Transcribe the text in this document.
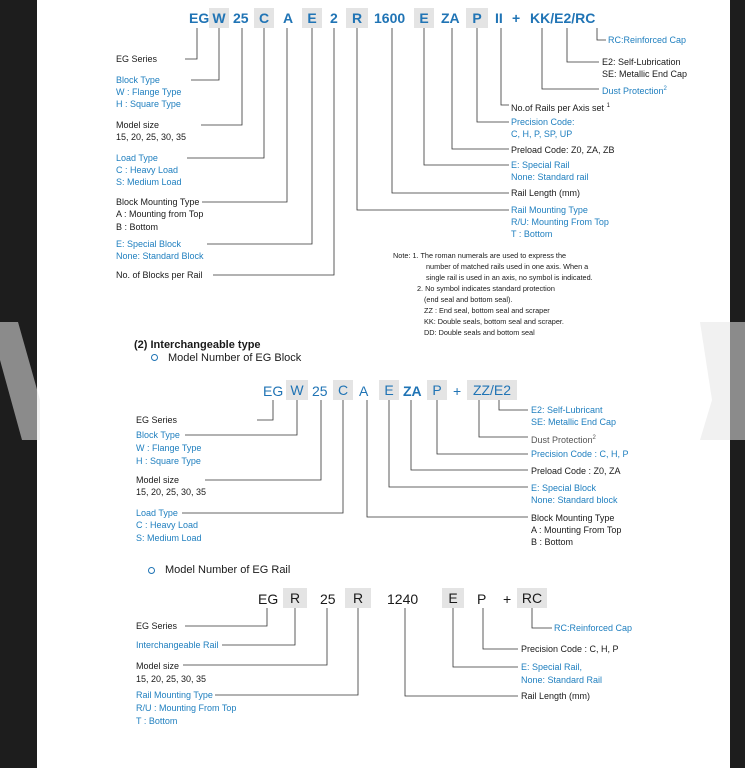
EG W 25 C A	E 2	R 1600	E ZA P II + KK/E2/RC
RC:Reinforced Cap
E2: Self-Lubrication
SE: Metallic End Cap
Dust Protection$^2$
No.of Rails per Axis set $^1$
Precision Code:
C, H, P, SP, UP
Preload Code: Z0, ZA, ZB
E: Special Rail
None: Standard rail
Rail Length (mm)
Rail Mounting Type
R/U: Mounting From Top
T : Bottom
EG Series
Block Type
W : Flange Type
H : Square Type
Model size
15, 20, 25, 30, 35
Load Type
C : Heavy Load
S: Medium Load
Block Mounting Type
A : Mounting from Top
B : Bottom
E: Special Block
None: Standard Block
No. of Blocks per Rail
Note: 1. The roman numerals are used to express the
number of matched rails used in one axis. When a
single rail is used in an axis, no symbol is indicated.
2. No symbol indicates standard protection
(end seal and bottom seal).
ZZ : End seal, bottom seal and scraper
KK: Double seals, bottom seal and scraper.
DD: Double seals and bottom seal
(2) Interchangeable type
Model Number of EG Block
EG W 25 C A	E ZA P + ZZ/E2
E2: Self-Lubricant
SE: Metallic End Cap
Dust Protection$^2$
Precision Code : C, H, P
Preload Code : Z0, ZA
E: Special Block
None: Standard block
Block Mounting Type
A : Mounting From Top
B : Bottom
EG Series
Block Type
W : Flange Type
H : Square Type
Model size
15, 20, 25, 30, 35
Load Type
C : Heavy Load
S: Medium Load
Model Number of EG Rail
EG R	25	R	1240	E	P + RC
RC:Reinforced Cap
Precision Code : C, H, P
E: Special Rail,
None: Standard Rail
Rail Length (mm)
EG Series
Interchangeable Rail
Model size
15, 20, 25, 30, 35
Rail Mounting Type
R/U : Mounting From Top
T : Bottom
